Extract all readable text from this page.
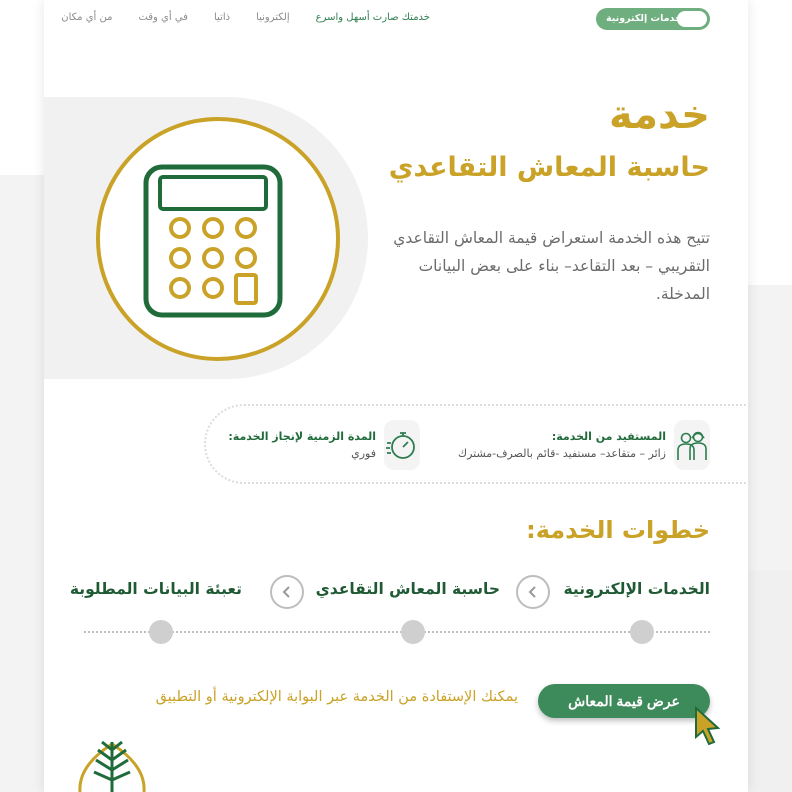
خدمات إلكترونية
خدمتك صارت أسهل واسرع
إلكترونيا
ذاتيا
في أي وقت
من أي مكان
خدمة
حاسبة المعاش التقاعدي

تتيح هذه الخدمة استعراض قيمة المعاش التقاعدي التقريبي – بعد التقاعد– بناء على بعض البيانات المدخلة.

المستفيد من الخدمة:
زائر – متقاعد– مستفيد -قائم بالصرف-مشترك
المدة الزمنية لإنجاز الخدمة:
فوري
خطوات الخدمة:
الخدمات الإلكترونية
حاسبة المعاش التقاعدي
تعبئة البيانات المطلوبة
عرض قيمة المعاش
يمكنك الإستفادة من الخدمة عبر البوابة الإلكترونية أو التطبيق
